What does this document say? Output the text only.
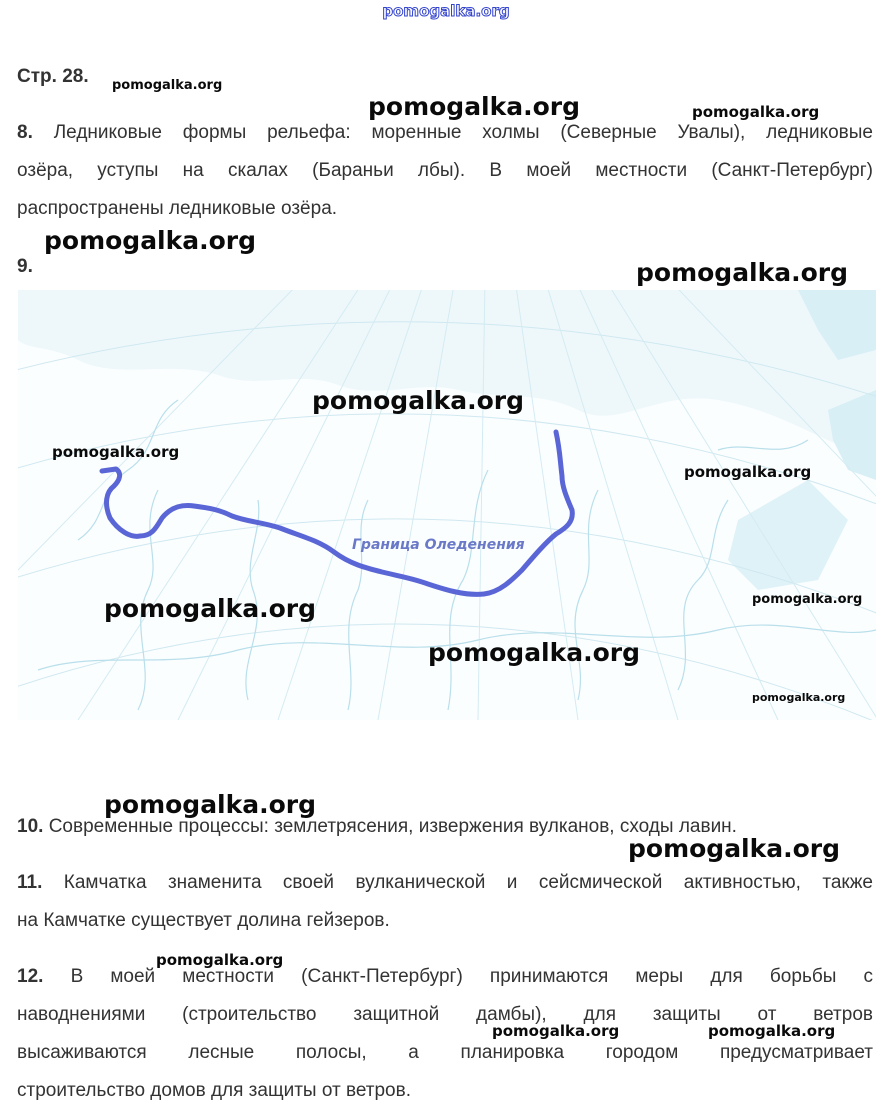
pomogalka.org
Стр. 28.
8. Ледниковые формы рельефа: моренные холмы (Северные Увалы), ледниковые
озёра, уступы на скалах (Бараньи лбы). В моей местности (Санкт-Петербург)
распространены ледниковые озёра.
9.
Граница Оледенения
10. Современные процессы: землетрясения, извержения вулканов, сходы лавин.
11. Камчатка знаменита своей вулканической и сейсмической активностью, также
на Камчатке существует долина гейзеров.
12. В моей местности (Санкт-Петербург) принимаются меры для борьбы с
наводнениями (строительство защитной дамбы), для защиты от ветров
высаживаются лесные полосы, а планировка городом предусматривает
строительство домов для защиты от ветров.
pomogalka.org
pomogalka.org	pomogalka.org
pomogalka.org
pomogalka.org
pomogalka.org
pomogalka.org
pomogalka.org
pomogalka.org	pomogalka.org
pomogalka.org
pomogalka.org
pomogalka.org
pomogalka.org
pomogalka.org
pomogalka.org	pomogalka.org
